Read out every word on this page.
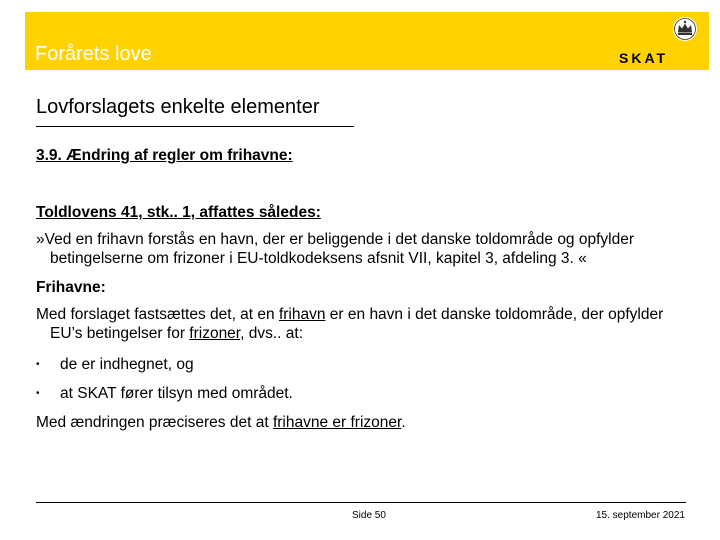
Forårets love	SKAT
Lovforslagets enkelte elementer

3.9. Ændring af regler om frihavne:

Toldlovens 41, stk.. 1, affattes således:

»Ved en frihavn forstås en havn, der er beliggende i det danske toldområde og opfylder betingelserne om frizoner i EU-toldkodeksens afsnit VII, kapitel 3, afdeling 3. «

Frihavne:

Med forslaget fastsættes det, at en frihavn er en havn i det danske toldområde, der opfylder EU’s betingelser for frizoner, dvs.. at:

• de er indhegnet, og
• at SKAT fører tilsyn med området.

Med ændringen præciseres det at frihavne er frizoner.

Side 50	15. september 2021
